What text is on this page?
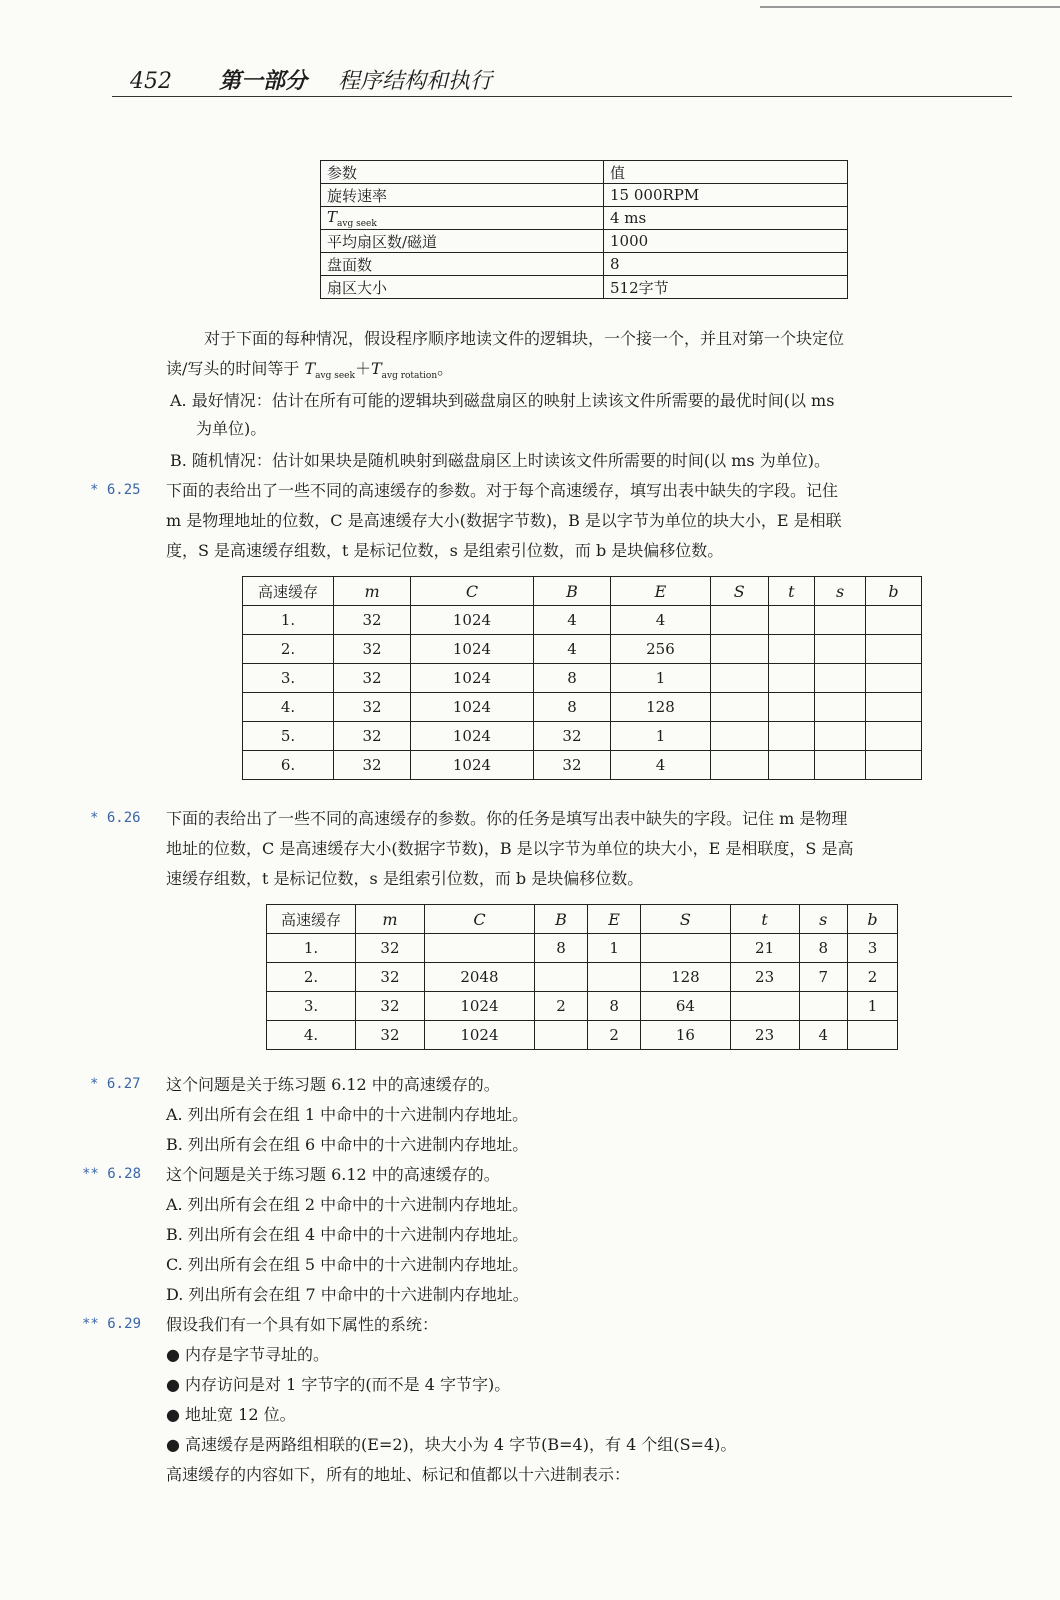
452 第一部分 程序结构和执行
参数	值
旋转速率	15 000RPM
$T_{avg seek}$	4 ms
平均扇区数/磁道	1000
盘面数	8
扇区大小	512字节
对于下面的每种情况，假设程序顺序地读文件的逻辑块，一个接一个，并且对第一个块定位
读/写头的时间等于 $T_{avg seek}+T_{avg rotation}$。
A. 最好情况：估计在所有可能的逻辑块到磁盘扇区的映射上读该文件所需要的最优时间(以 ms
为单位)。
B. 随机情况：估计如果块是随机映射到磁盘扇区上时读该文件所需要的时间(以 ms 为单位)。
* 6.25 下面的表给出了一些不同的高速缓存的参数。对于每个高速缓存，填写出表中缺失的字段。记住
m 是物理地址的位数，C 是高速缓存大小(数据字节数)，B 是以字节为单位的块大小，E 是相联
度，S 是高速缓存组数，t 是标记位数，s 是组索引位数，而 b 是块偏移位数。
高速缓存	m	C	B	E	S	t	s	b
1.	32	1024	4	4				
2.	32	1024	4	256				
3.	32	1024	8	1				
4.	32	1024	8	128				
5.	32	1024	32	1				
6.	32	1024	32	4				
* 6.26 下面的表给出了一些不同的高速缓存的参数。你的任务是填写出表中缺失的字段。记住 m 是物理
地址的位数，C 是高速缓存大小(数据字节数)，B 是以字节为单位的块大小，E 是相联度，S 是高
速缓存组数，t 是标记位数，s 是组索引位数，而 b 是块偏移位数。
高速缓存	m	C	B	E	S	t	s	b
1.	32		8	1		21	8	3
2.	32	2048			128	23	7	2
3.	32	1024	2	8	64			1
4.	32	1024		2	16	23	4	
* 6.27 这个问题是关于练习题 6.12 中的高速缓存的。
A. 列出所有会在组 1 中命中的十六进制内存地址。
B. 列出所有会在组 6 中命中的十六进制内存地址。
** 6.28 这个问题是关于练习题 6.12 中的高速缓存的。
A. 列出所有会在组 2 中命中的十六进制内存地址。
B. 列出所有会在组 4 中命中的十六进制内存地址。
C. 列出所有会在组 5 中命中的十六进制内存地址。
D. 列出所有会在组 7 中命中的十六进制内存地址。
** 6.29 假设我们有一个具有如下属性的系统：
● 内存是字节寻址的。
● 内存访问是对 1 字节字的(而不是 4 字节字)。
● 地址宽 12 位。
● 高速缓存是两路组相联的(E=2)，块大小为 4 字节(B=4)，有 4 个组(S=4)。
高速缓存的内容如下，所有的地址、标记和值都以十六进制表示：
